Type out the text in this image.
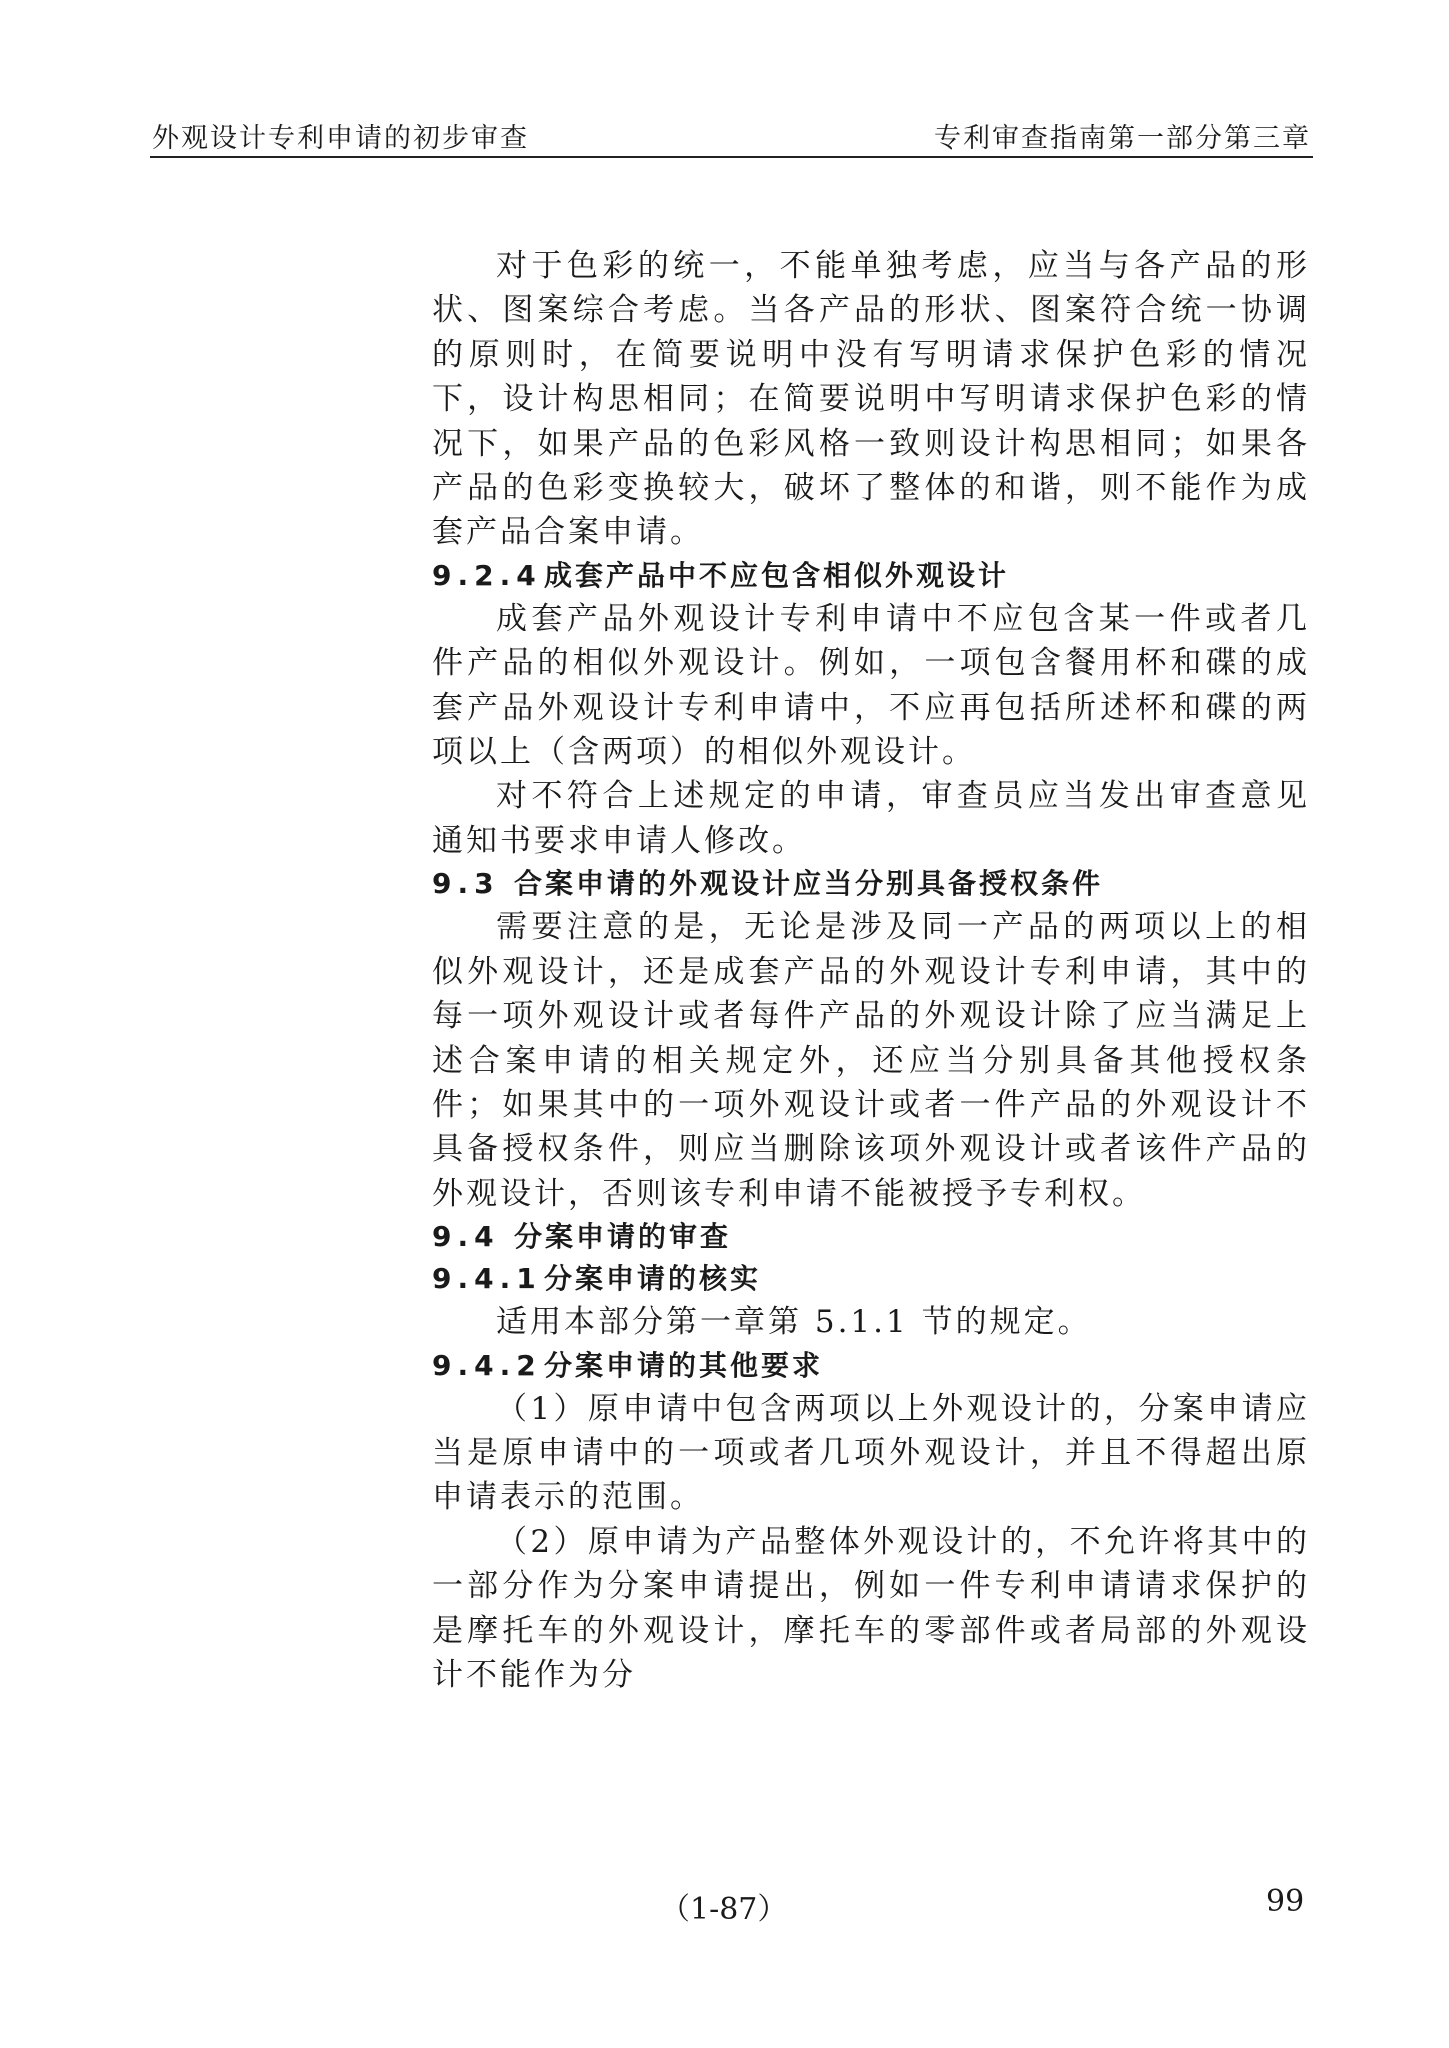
外观设计专利申请的初步审查	专利审查指南第一部分第三章

对于色彩的统一，不能单独考虑，应当与各产品的形状、图案综合考虑。当各产品的形状、图案符合统一协调的原则时，在简要说明中没有写明请求保护色彩的情况下，设计构思相同；在简要说明中写明请求保护色彩的情况下，如果产品的色彩风格一致则设计构思相同；如果各产品的色彩变换较大，破坏了整体的和谐，则不能作为成套产品合案申请。

9.2.4成套产品中不应包含相似外观设计

成套产品外观设计专利申请中不应包含某一件或者几件产品的相似外观设计。例如，一项包含餐用杯和碟的成套产品外观设计专利申请中，不应再包括所述杯和碟的两项以上（含两项）的相似外观设计。

对不符合上述规定的申请，审查员应当发出审查意见通知书要求申请人修改。

9.3 合案申请的外观设计应当分别具备授权条件

需要注意的是，无论是涉及同一产品的两项以上的相似外观设计，还是成套产品的外观设计专利申请，其中的每一项外观设计或者每件产品的外观设计除了应当满足上述合案申请的相关规定外，还应当分别具备其他授权条件；如果其中的一项外观设计或者一件产品的外观设计不具备授权条件，则应当删除该项外观设计或者该件产品的外观设计，否则该专利申请不能被授予专利权。

9.4 分案申请的审查
9.4.1分案申请的核实

适用本部分第一章第 5.1.1 节的规定。

9.4.2分案申请的其他要求

（1）原申请中包含两项以上外观设计的，分案申请应当是原申请中的一项或者几项外观设计，并且不得超出原申请表示的范围。

（2）原申请为产品整体外观设计的，不允许将其中的一部分作为分案申请提出，例如一件专利申请请求保护的是摩托车的外观设计，摩托车的零部件或者局部的外观设计不能作为分

（1-87）	99
